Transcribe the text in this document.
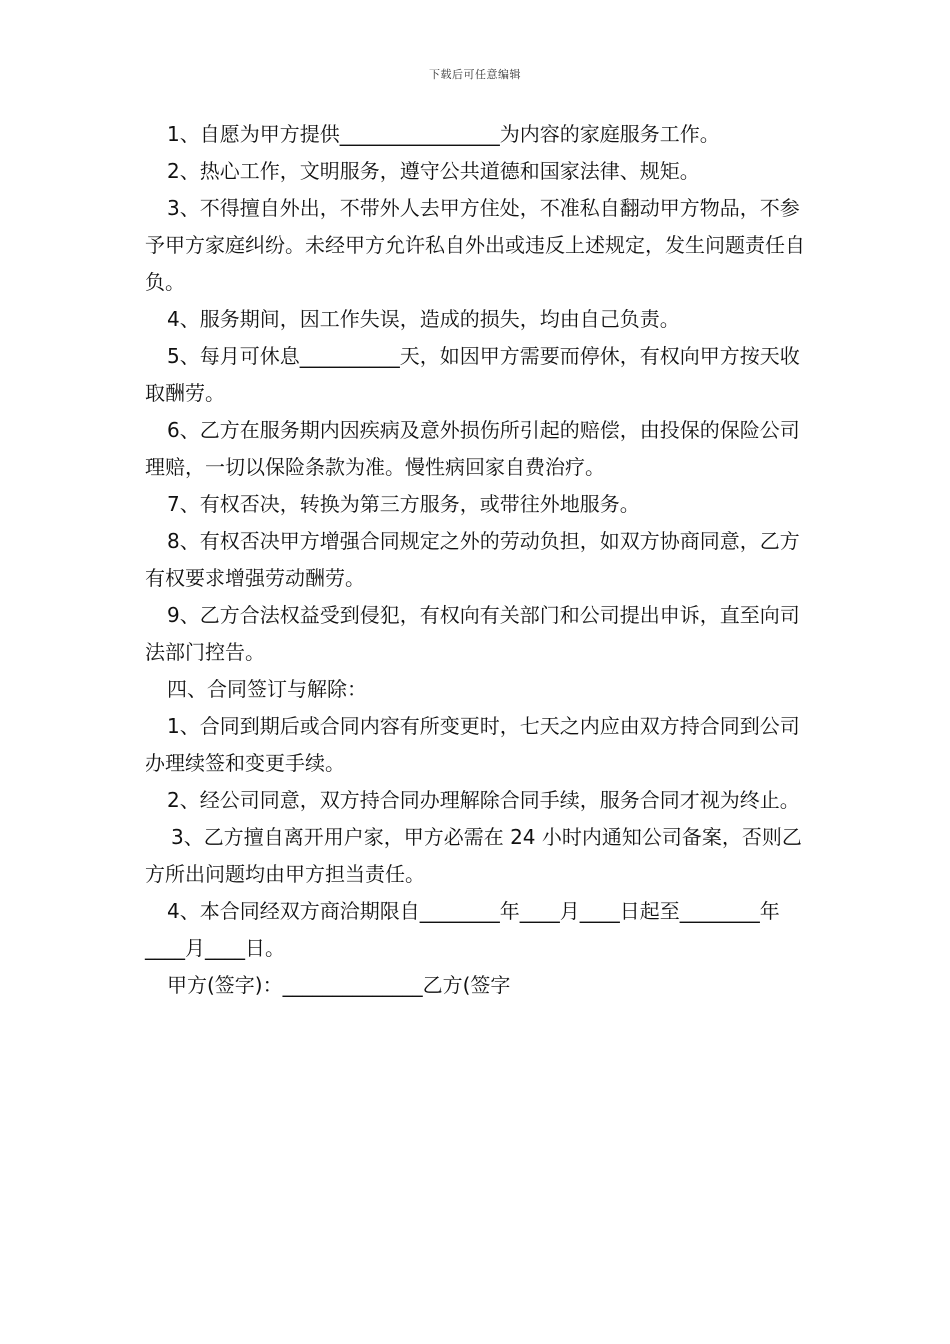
下载后可任意编辑

1、自愿为甲方提供________________为内容的家庭服务工作。

2、热心工作，文明服务，遵守公共道德和国家法律、规矩。

3、不得擅自外出，不带外人去甲方住处，不准私自翻动甲方物品，不参予甲方家庭纠纷。未经甲方允许私自外出或违反上述规定，发生问题责任自负。

4、服务期间，因工作失误，造成的损失，均由自己负责。

5、每月可休息__________天，如因甲方需要而停休，有权向甲方按天收取酬劳。

6、乙方在服务期内因疾病及意外损伤所引起的赔偿，由投保的保险公司理赔，一切以保险条款为准。慢性病回家自费治疗。

7、有权否决，转换为第三方服务，或带往外地服务。

8、有权否决甲方增强合同规定之外的劳动负担，如双方协商同意，乙方有权要求增强劳动酬劳。

9、乙方合法权益受到侵犯，有权向有关部门和公司提出申诉，直至向司法部门控告。

四、合同签订与解除：

1、合同到期后或合同内容有所变更时，七天之内应由双方持合同到公司办理续签和变更手续。

2、经公司同意，双方持合同办理解除合同手续，服务合同才视为终止。

3、乙方擅自离开用户家，甲方必需在 24 小时内通知公司备案，否则乙方所出问题均由甲方担当责任。

4、本合同经双方商洽期限自________年____月____日起至________年____月____日。

甲方(签字)：______________乙方(签字
